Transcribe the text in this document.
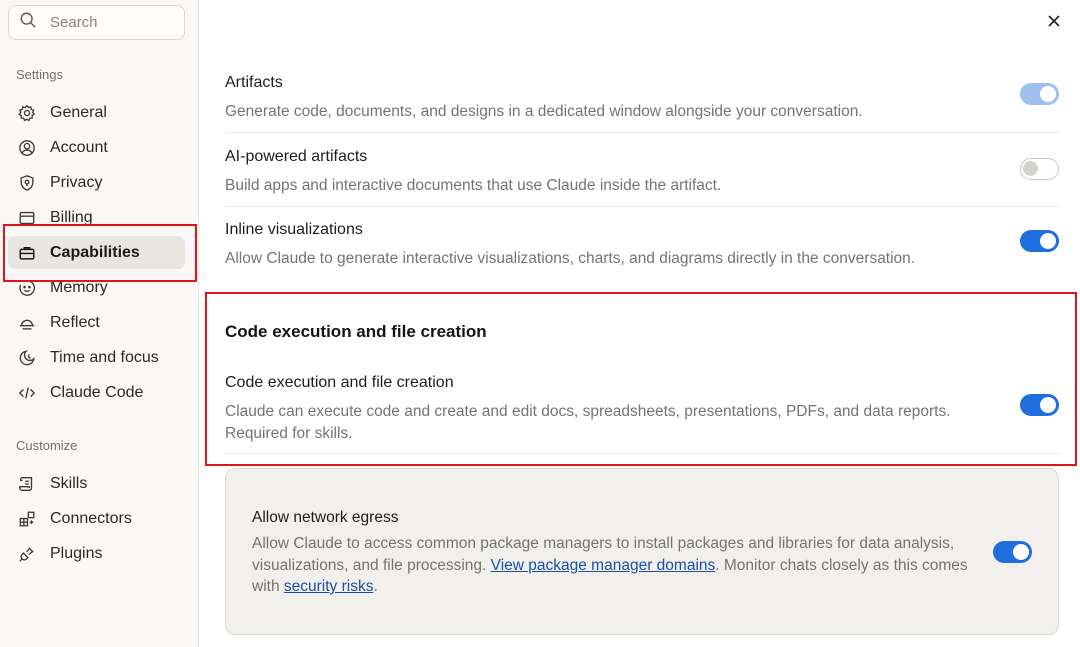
Search
Settings
General
Account
Privacy
Billing
Capabilities
Memory
Reflect
Time and focus
Claude Code
Customize
Skills
Connectors
Plugins
Artifacts
Generate code, documents, and designs in a dedicated window alongside your conversation.
AI-powered artifacts
Build apps and interactive documents that use Claude inside the artifact.
Inline visualizations
Allow Claude to generate interactive visualizations, charts, and diagrams directly in the conversation.
Code execution and file creation
Code execution and file creation
Claude can execute code and create and edit docs, spreadsheets, presentations, PDFs, and data reports.
Required for skills.
Allow network egress
Allow Claude to access common package managers to install packages and libraries for data analysis, visualizations, and file processing. View package manager domains. Monitor chats closely as this comes with security risks.
